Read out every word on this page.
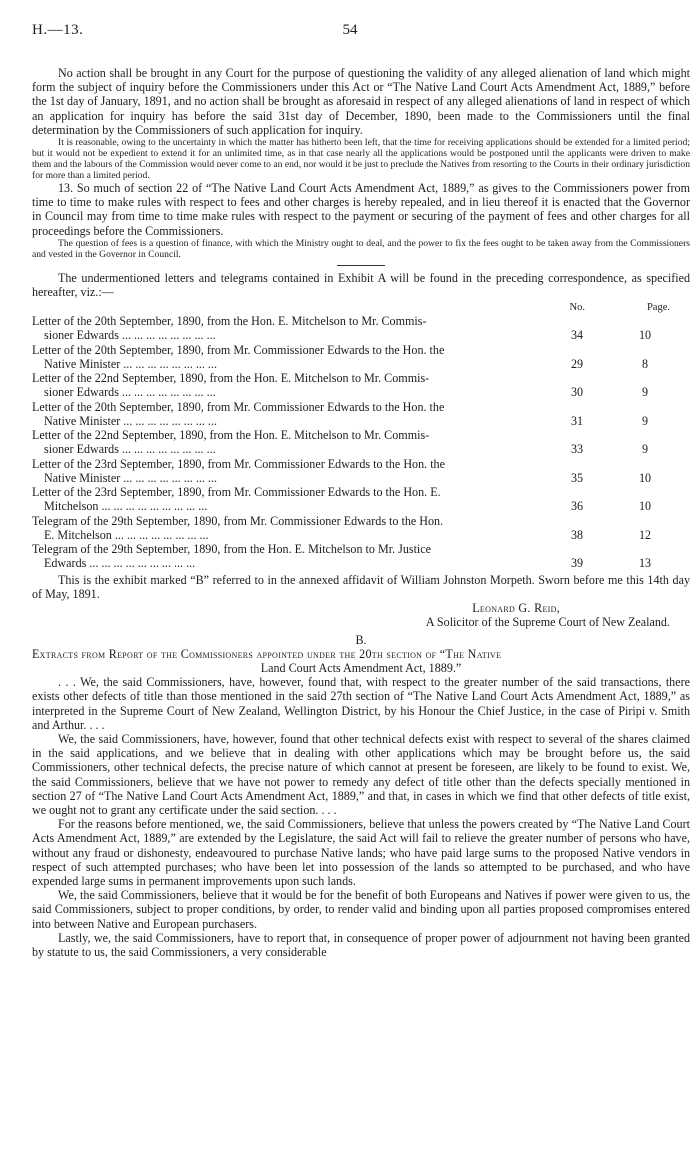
H.—13.	54

No action shall be brought in any Court for the purpose of questioning the validity of any alleged alienation of land which might form the subject of inquiry before the Commissioners under this Act or “The Native Land Court Acts Amendment Act, 1889,” before the 1st day of January, 1891, and no action shall be brought as aforesaid in respect of any alleged alienations of land in respect of which an application for inquiry has before the said 31st day of December, 1890, been made to the Commissioners until the final determination by the Commissioners of such application for inquiry.

It is reasonable, owing to the uncertainty in which the matter has hitherto been left, that the time for receiving applications should be extended for a limited period; but it would not be expedient to extend it for an unlimited time, as in that case nearly all the applications would be postponed until the applicants were driven to make them and the labours of the Commission would never come to an end, nor would it be just to preclude the Natives from resorting to the Courts in their ordinary jurisdiction for more than a limited period.

13. So much of section 22 of “The Native Land Court Acts Amendment Act, 1889,” as gives to the Commissioners power from time to time to make rules with respect to fees and other charges is hereby repealed, and in lieu thereof it is enacted that the Governor in Council may from time to time make rules with respect to the payment or securing of the payment of fees and other charges for all proceedings before the Commissioners.

The question of fees is a question of finance, with which the Ministry ought to deal, and the power to fix the fees ought to be taken away from the Commissioners and vested in the Governor in Council.

The undermentioned letters and telegrams contained in Exhibit A will be found in the preceding correspondence, as specified hereafter, viz.:—

No.	Page.
Letter of the 20th September, 1890, from the Hon. E. Mitchelson to Mr. Commis-
sioner Edwards ... ... ... ... ... ... ... ...	34	10
Letter of the 20th September, 1890, from Mr. Commissioner Edwards to the Hon. the
Native Minister ... ... ... ... ... ... ... ...	29	8
Letter of the 22nd September, 1890, from the Hon. E. Mitchelson to Mr. Commis-
sioner Edwards ... ... ... ... ... ... ... ...	30	9
Letter of the 20th September, 1890, from Mr. Commissioner Edwards to the Hon. the
Native Minister ... ... ... ... ... ... ... ...	31	9
Letter of the 22nd September, 1890, from the Hon. E. Mitchelson to Mr. Commis-
sioner Edwards ... ... ... ... ... ... ... ...	33	9
Letter of the 23rd September, 1890, from Mr. Commissioner Edwards to the Hon. the
Native Minister ... ... ... ... ... ... ... ...	35	10
Letter of the 23rd September, 1890, from Mr. Commissioner Edwards to the Hon. E.
Mitchelson ... ... ... ... ... ... ... ... ...	36	10
Telegram of the 29th September, 1890, from Mr. Commissioner Edwards to the Hon.
E. Mitchelson ... ... ... ... ... ... ... ...	38	12
Telegram of the 29th September, 1890, from the Hon. E. Mitchelson to Mr. Justice
Edwards ... ... ... ... ... ... ... ... ...	39	13

This is the exhibit marked “B” referred to in the annexed affidavit of William Johnston Morpeth. Sworn before me this 14th day of May, 1891.

Leonard G. Reid,
A Solicitor of the Supreme Court of New Zealand.
B.

Extracts from Report of the Commissioners appointed under the 20th section of “The Native
Land Court Acts Amendment Act, 1889.”

. . . We, the said Commissioners, have, however, found that, with respect to the greater number of the said transactions, there exists other defects of title than those mentioned in the said 27th section of “The Native Land Court Acts Amendment Act, 1889,” as interpreted in the Supreme Court of New Zealand, Wellington District, by his Honour the Chief Justice, in the case of Piripi v. Smith and Arthur. . . .

We, the said Commissioners, have, however, found that other technical defects exist with respect to several of the shares claimed in the said applications, and we believe that in dealing with other applications which may be brought before us, the said Commissioners, other technical defects, the precise nature of which cannot at present be foreseen, are likely to be found to exist. We, the said Commissioners, believe that we have not power to remedy any defect of title other than the defects specially mentioned in section 27 of “The Native Land Court Acts Amendment Act, 1889,” and that, in cases in which we find that other defects of title exist, we ought not to grant any certificate under the said section. . . .

For the reasons before mentioned, we, the said Commissioners, believe that unless the powers created by “The Native Land Court Acts Amendment Act, 1889,” are extended by the Legislature, the said Act will fail to relieve the greater number of persons who have, without any fraud or dishonesty, endeavoured to purchase Native lands; who have paid large sums to the proposed Native vendors in respect of such attempted purchases; who have been let into possession of the lands so attempted to be purchased, and who have expended large sums in permanent improvements upon such lands.

We, the said Commissioners, believe that it would be for the benefit of both Europeans and Natives if power were given to us, the said Commissioners, subject to proper conditions, by order, to render valid and binding upon all parties proposed compromises entered into between Native and European purchasers.

Lastly, we, the said Commissioners, have to report that, in consequence of proper power of adjournment not having been granted by statute to us, the said Commissioners, a very considerable
